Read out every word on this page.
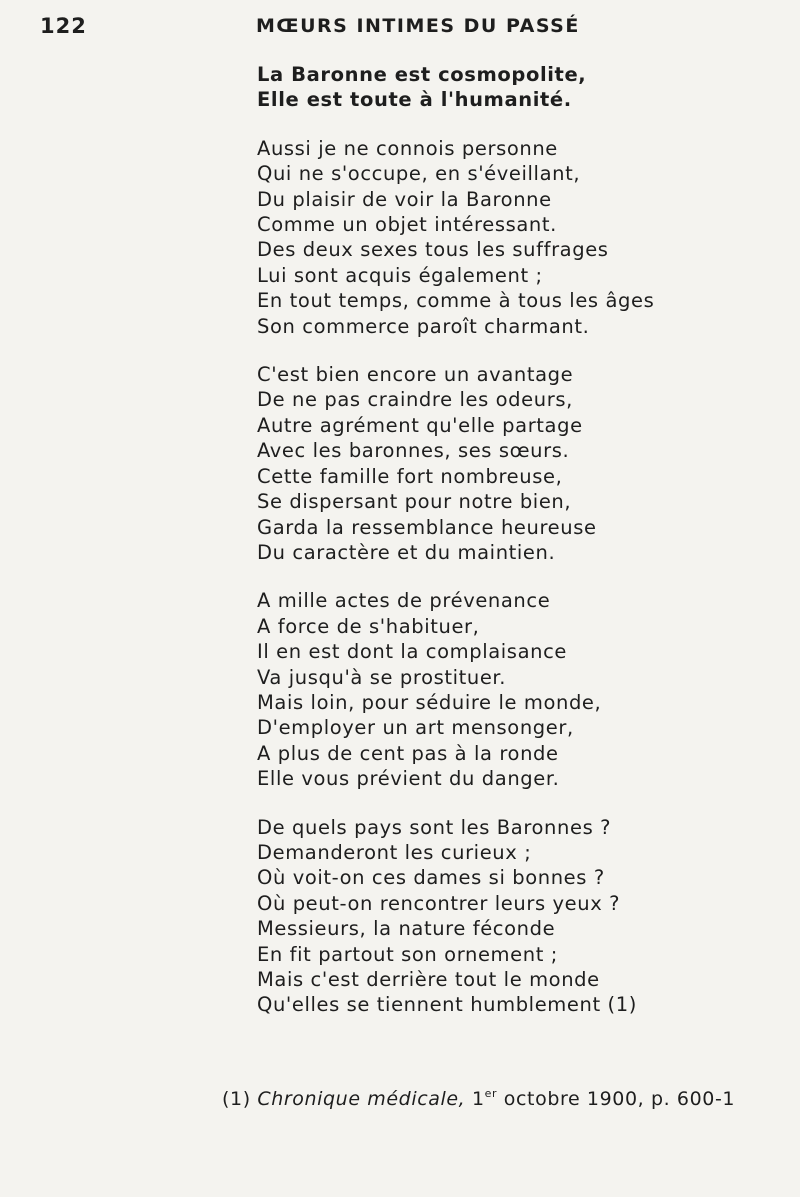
122	MŒURS INTIMES DU PASSÉ
La Baronne est cosmopolite,
Elle est toute à l'humanité.
Aussi je ne connois personne
Qui ne s'occupe, en s'éveillant,
Du plaisir de voir la Baronne
Comme un objet intéressant.
Des deux sexes tous les suffrages
Lui sont acquis également ;
En tout temps, comme à tous les âges
Son commerce paroît charmant.
C'est bien encore un avantage
De ne pas craindre les odeurs,
Autre agrément qu'elle partage
Avec les baronnes, ses sœurs.
Cette famille fort nombreuse,
Se dispersant pour notre bien,
Garda la ressemblance heureuse
Du caractère et du maintien.
A mille actes de prévenance
A force de s'habituer,
Il en est dont la complaisance
Va jusqu'à se prostituer.
Mais loin, pour séduire le monde,
D'employer un art mensonger,
A plus de cent pas à la ronde
Elle vous prévient du danger.
De quels pays sont les Baronnes ?
Demanderont les curieux ;
Où voit-on ces dames si bonnes ?
Où peut-on rencontrer leurs yeux ?
Messieurs, la nature féconde
En fit partout son ornement ;
Mais c'est derrière tout le monde
Qu'elles se tiennent humblement (1)
(1) Chronique médicale, 1er octobre 1900, p. 600-1
